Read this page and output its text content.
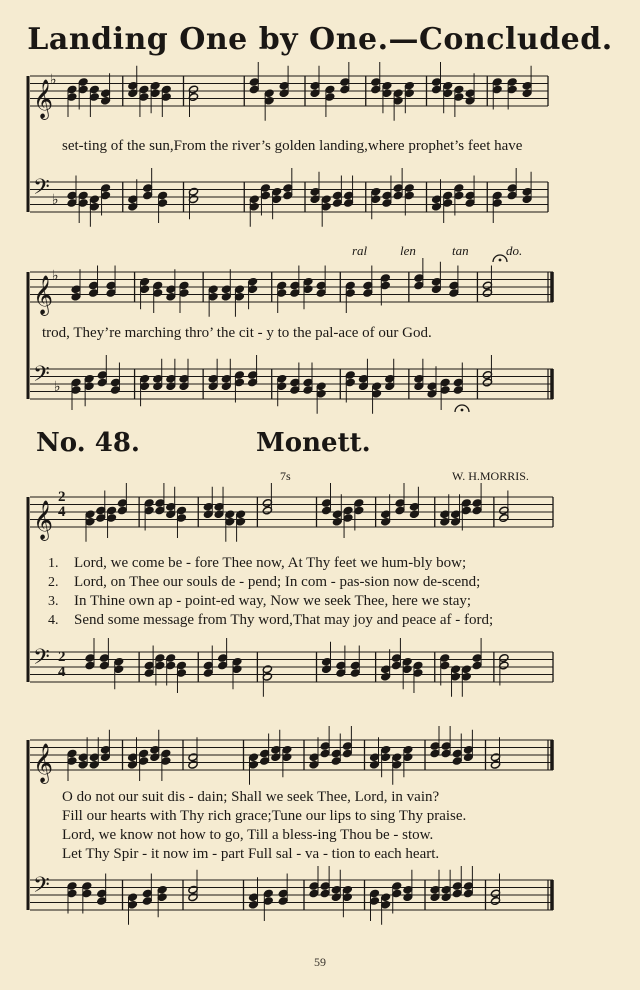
𝄞
♭
𝄢 ♭
𝄞
♭
𝄢 ♭
𝄞
𝄢
𝄞
𝄢
Landing One by One.—Concluded.
set-ting of the sun,From the river’s golden landing,where prophet’s feet have
ral	len	tan	do.
trod, They’re marching thro’ the cit - y to the pal-ace of our God.
No. 48.	Monett.
7s	W. H.MORRIS.
1. Lord, we come be - fore Thee now, At Thy feet we hum-bly bow;
2. Lord, on Thee our souls de - pend; In com - pas-sion now de-scend;
3. In Thine own ap - point-ed way, Now we seek Thee, here we stay;
4. Send some message from Thy word,That may joy and peace af - ford;
O do not our suit dis - dain; Shall we seek Thee, Lord, in vain?
Fill our hearts with Thy rich grace;Tune our lips to sing Thy praise.
Lord, we know not how to go, Till a bless-ing Thou be - stow.
Let Thy Spir - it now im - part Full sal - va - tion to each heart.
2
4
2
4
59
